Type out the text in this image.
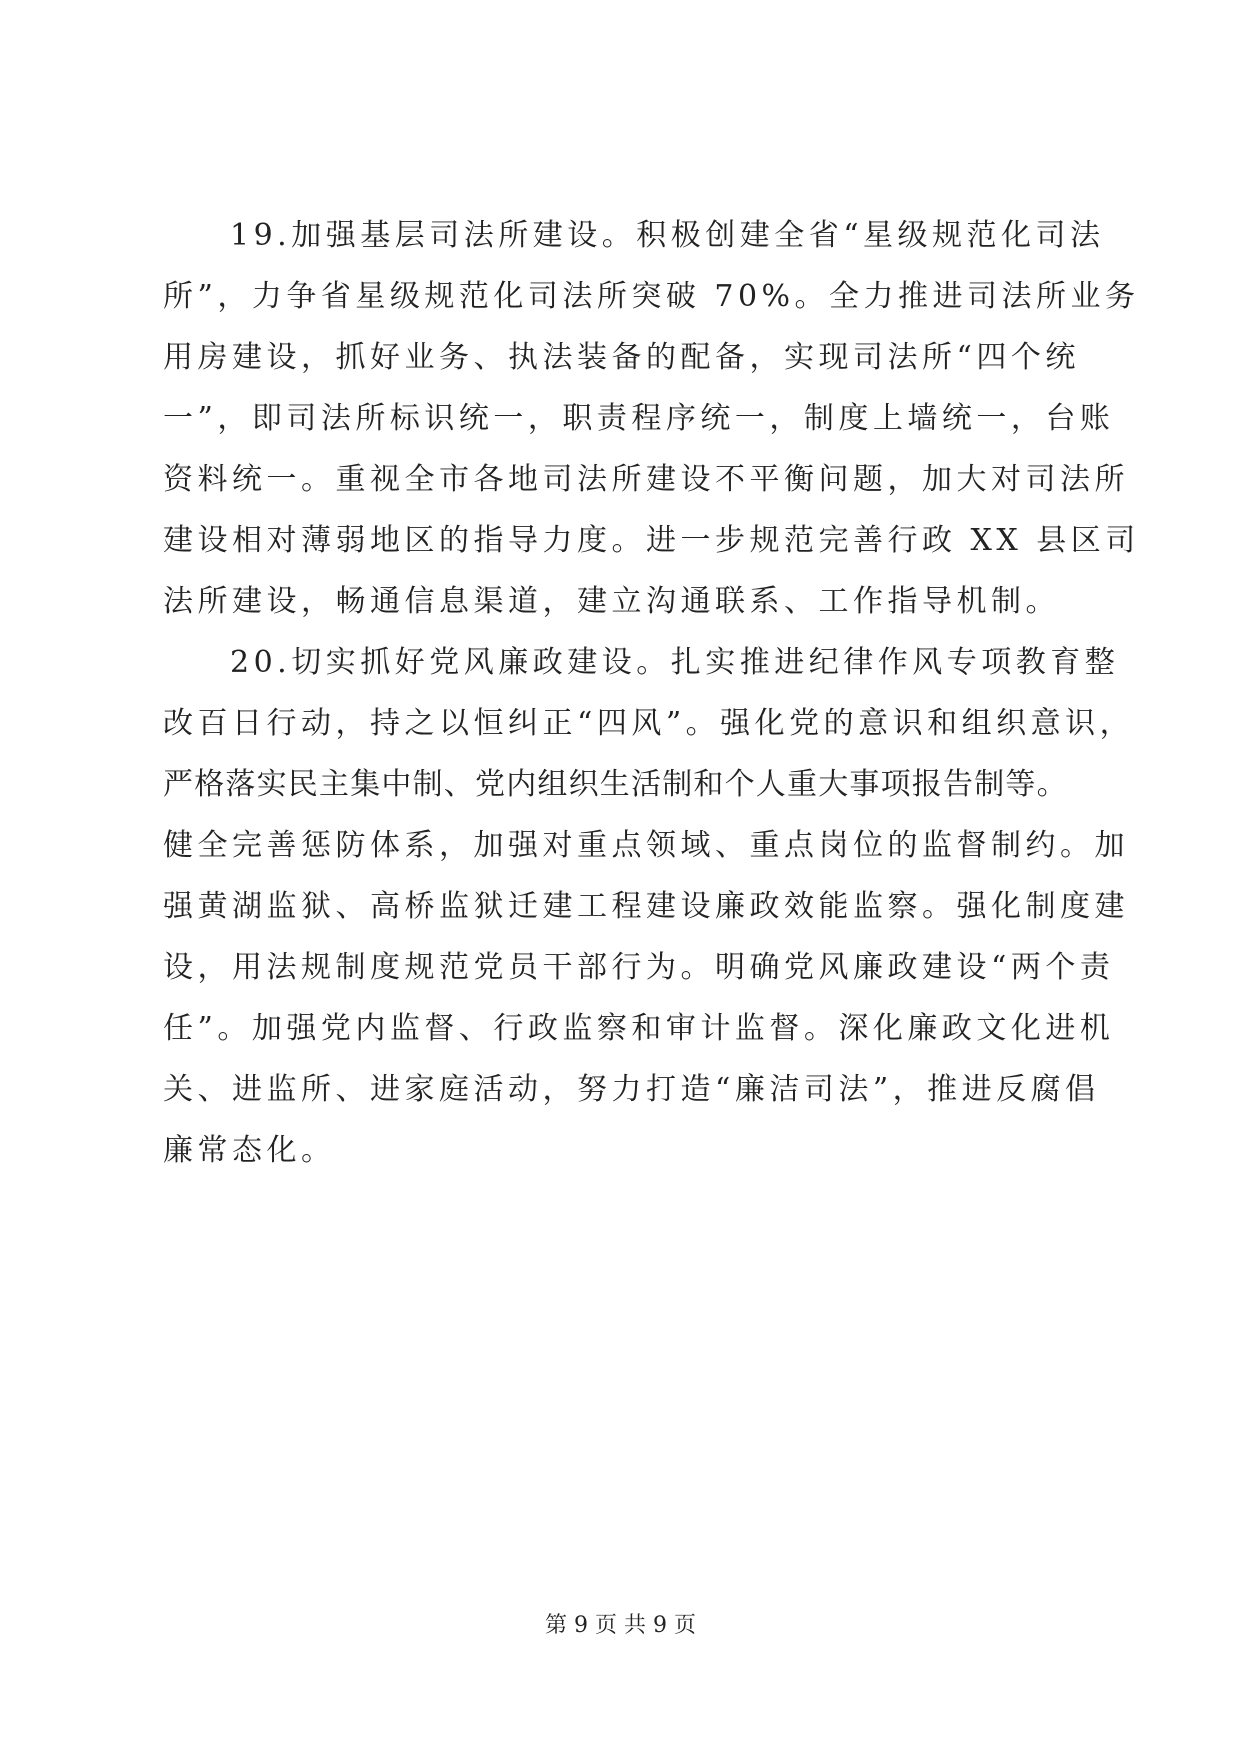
19.加强基层司法所建设。积极创建全省“星级规范化司法
所”，力争省星级规范化司法所突破 70%。全力推进司法所业务
用房建设，抓好业务、执法装备的配备，实现司法所“四个统
一”，即司法所标识统一，职责程序统一，制度上墙统一，台账
资料统一。重视全市各地司法所建设不平衡问题，加大对司法所
建设相对薄弱地区的指导力度。进一步规范完善行政 XX 县区司
法所建设，畅通信息渠道，建立沟通联系、工作指导机制。
20.切实抓好党风廉政建设。扎实推进纪律作风专项教育整
改百日行动，持之以恒纠正“四风”。强化党的意识和组织意识，
严格落实民主集中制、党内组织生活制和个人重大事项报告制等。
健全完善惩防体系，加强对重点领域、重点岗位的监督制约。加
强黄湖监狱、高桥监狱迁建工程建设廉政效能监察。强化制度建
设，用法规制度规范党员干部行为。明确党风廉政建设“两个责
任”。加强党内监督、行政监察和审计监督。深化廉政文化进机
关、进监所、进家庭活动，努力打造“廉洁司法”，推进反腐倡
廉常态化。
第 9 页 共 9 页
